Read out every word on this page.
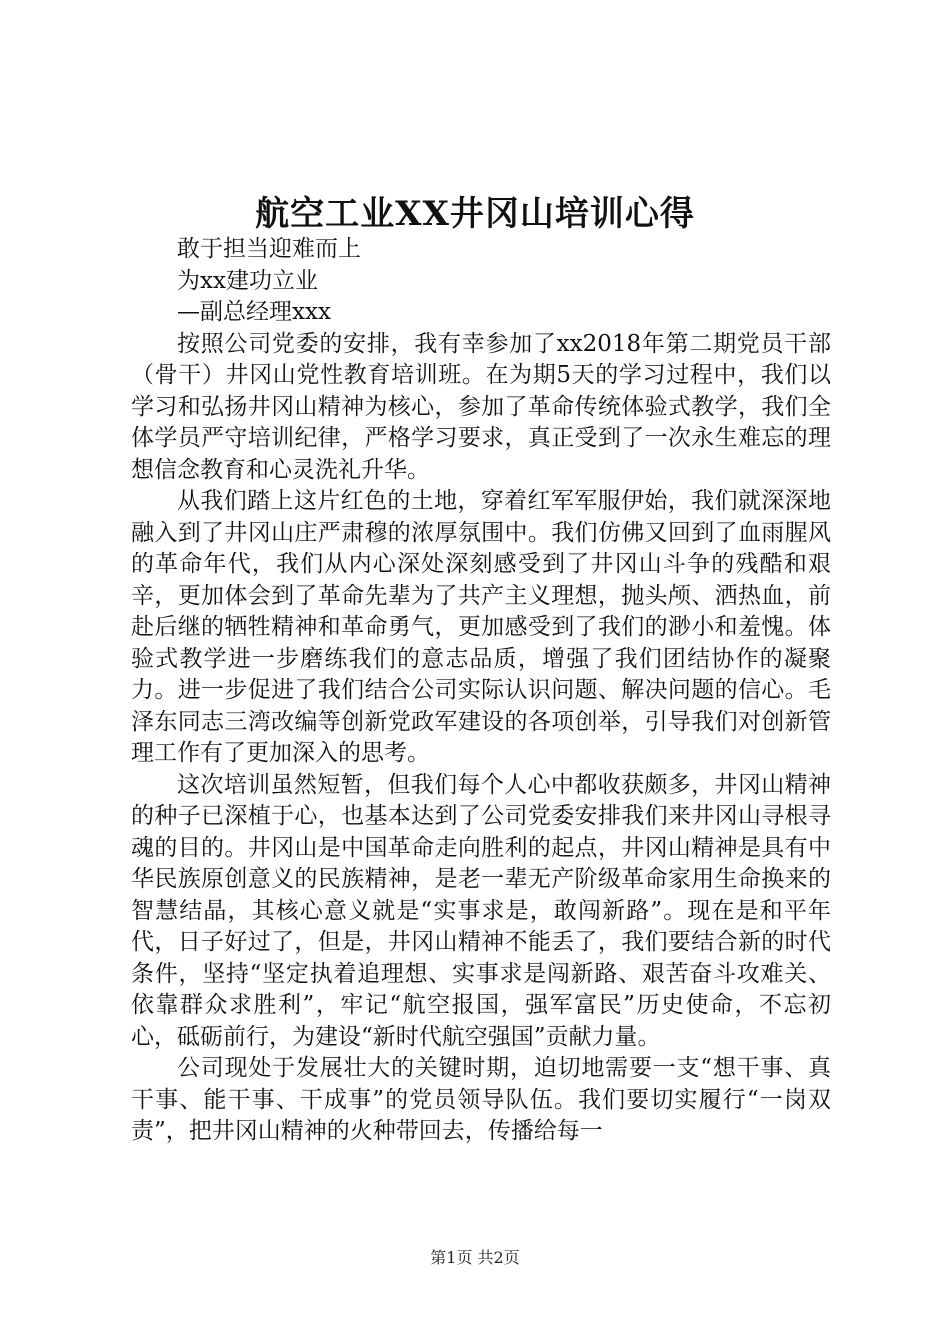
航空工业XX井冈山培训心得

敢于担当迎难而上

为xx建功立业

—副总经理xxx

按照公司党委的安排，我有幸参加了xx2018年第二期党员干部（骨干）井冈山党性教育培训班。在为期5天的学习过程中，我们以学习和弘扬井冈山精神为核心，参加了革命传统体验式教学，我们全体学员严守培训纪律，严格学习要求，真正受到了一次永生难忘的理想信念教育和心灵洗礼升华。

从我们踏上这片红色的土地，穿着红军军服伊始，我们就深深地融入到了井冈山庄严肃穆的浓厚氛围中。我们仿佛又回到了血雨腥风的革命年代，我们从内心深处深刻感受到了井冈山斗争的残酷和艰辛，更加体会到了革命先辈为了共产主义理想，抛头颅、洒热血，前赴后继的牺牲精神和革命勇气，更加感受到了我们的渺小和羞愧。体验式教学进一步磨练我们的意志品质，增强了我们团结协作的凝聚力。进一步促进了我们结合公司实际认识问题、解决问题的信心。毛泽东同志三湾改编等创新党政军建设的各项创举，引导我们对创新管理工作有了更加深入的思考。

这次培训虽然短暂，但我们每个人心中都收获颇多，井冈山精神的种子已深植于心，也基本达到了公司党委安排我们来井冈山寻根寻魂的目的。井冈山是中国革命走向胜利的起点，井冈山精神是具有中华民族原创意义的民族精神，是老一辈无产阶级革命家用生命换来的智慧结晶，其核心意义就是“实事求是，敢闯新路”。现在是和平年代，日子好过了，但是，井冈山精神不能丢了，我们要结合新的时代条件，坚持“坚定执着追理想、实事求是闯新路、艰苦奋斗攻难关、依靠群众求胜利”，牢记“航空报国，强军富民”历史使命，不忘初心，砥砺前行，为建设“新时代航空强国”贡献力量。

公司现处于发展壮大的关键时期，迫切地需要一支“想干事、真干事、能干事、干成事”的党员领导队伍。我们要切实履行“一岗双责”，把井冈山精神的火种带回去，传播给每一

第1页 共2页
